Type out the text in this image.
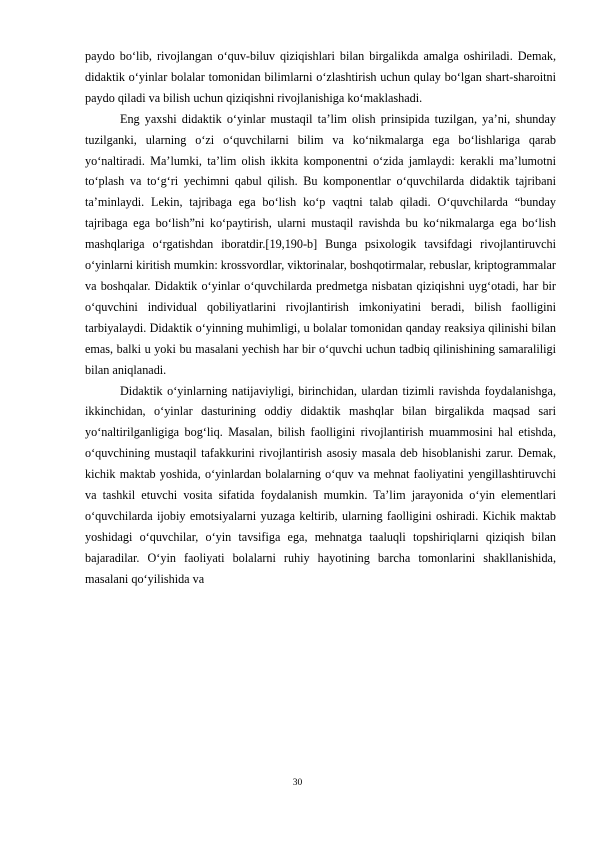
paydo bo‘lib, rivojlangan o‘quv-biluv qiziqishlari bilan birgalikda amalga oshiriladi. Demak, didaktik o‘yinlar bolalar tomonidan bilimlarni o‘zlashtirish uchun qulay bo‘lgan shart-sharoitni paydo qiladi va bilish uchun qiziqishni rivojlanishiga ko‘maklashadi.

Eng yaxshi didaktik o‘yinlar mustaqil ta’lim olish prinsipida tuzilgan, ya’ni, shunday tuzilganki, ularning o‘zi o‘quvchilarni bilim va ko‘nikmalarga ega bo‘lishlariga qarab yo‘naltiradi. Ma’lumki, ta’lim olish ikkita komponentni o‘zida jamlaydi: kerakli ma’lumotni to‘plash va to‘g‘ri yechimni qabul qilish. Bu komponentlar o‘quvchilarda didaktik tajribani ta’minlaydi. Lekin, tajribaga ega bo‘lish ko‘p vaqtni talab qiladi. O‘quvchilarda “bunday tajribaga ega bo‘lish”ni ko‘paytirish, ularni mustaqil ravishda bu ko‘nikmalarga ega bo‘lish mashqlariga o‘rgatishdan iboratdir.[19,190-b] Bunga psixologik tavsifdagi rivojlantiruvchi o‘yinlarni kiritish mumkin: krossvordlar, viktorinalar, boshqotirmalar, rebuslar, kriptogrammalar va boshqalar. Didaktik o‘yinlar o‘quvchilarda predmetga nisbatan qiziqishni uyg‘otadi, har bir o‘quvchini individual qobiliyatlarini rivojlantirish imkoniyatini beradi, bilish faolligini tarbiyalaydi. Didaktik o‘yinning muhimligi, u bolalar tomonidan qanday reaksiya qilinishi bilan emas, balki u yoki bu masalani yechish har bir o‘quvchi uchun tadbiq qilinishining samaraliligi bilan aniqlanadi.

Didaktik o‘yinlarning natijaviyligi, birinchidan, ulardan tizimli ravishda foydalanishga, ikkinchidan, o‘yinlar dasturining oddiy didaktik mashqlar bilan birgalikda maqsad sari yo‘naltirilganligiga bog‘liq. Masalan, bilish faolligini rivojlantirish muammosini hal etishda, o‘quvchining mustaqil tafakkurini rivojlantirish asosiy masala deb hisoblanishi zarur. Demak, kichik maktab yoshida, o‘yinlardan bolalarning o‘quv va mehnat faoliyatini yengillashtiruvchi va tashkil etuvchi vosita sifatida foydalanish mumkin. Ta’lim jarayonida o‘yin elementlari o‘quvchilarda ijobiy emotsiyalarni yuzaga keltirib, ularning faolligini oshiradi. Kichik maktab yoshidagi o‘quvchilar, o‘yin tavsifiga ega, mehnatga taaluqli topshiriqlarni qiziqish bilan bajaradilar. O‘yin faoliyati bolalarni ruhiy hayotining barcha tomonlarini shakllanishida, masalani qo‘yilishida va

30
